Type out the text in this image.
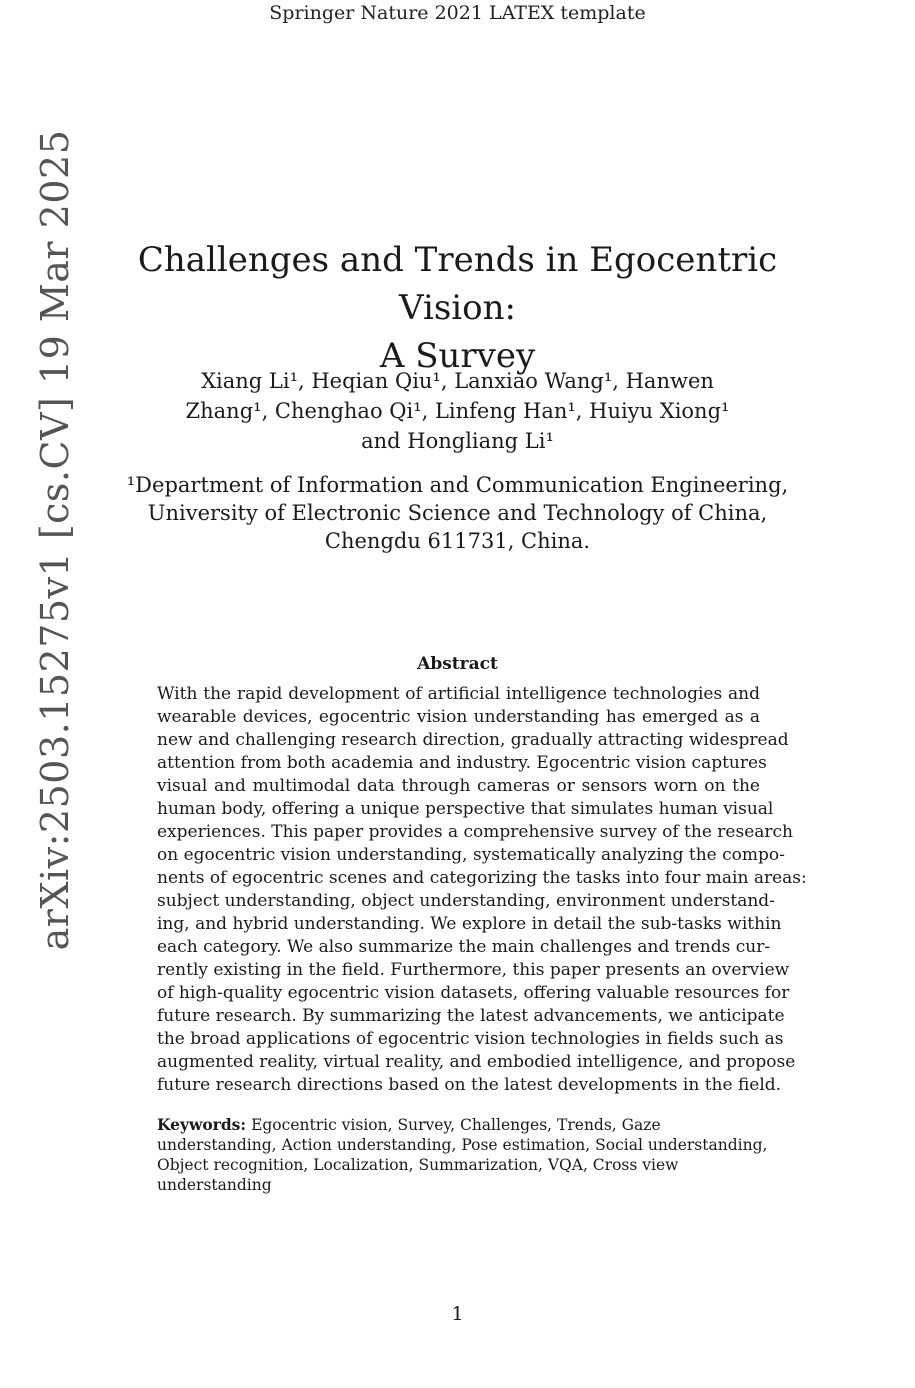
Springer Nature 2021 LATEX template
arXiv:2503.15275v1 [cs.CV] 19 Mar 2025	Challenges and Trends in Egocentric Vision:
A Survey
Xiang Li¹, Heqian Qiu¹, Lanxiao Wang¹, Hanwen
Zhang¹, Chenghao Qi¹, Linfeng Han¹, Huiyu Xiong¹
and Hongliang Li¹
¹Department of Information and Communication Engineering,
University of Electronic Science and Technology of China,
Chengdu 611731, China.
Abstract
With the rapid development of artificial intelligence technologies and
wearable devices, egocentric vision understanding has emerged as a
new and challenging research direction, gradually attracting widespread
attention from both academia and industry. Egocentric vision captures
visual and multimodal data through cameras or sensors worn on the
human body, offering a unique perspective that simulates human visual
experiences. This paper provides a comprehensive survey of the research
on egocentric vision understanding, systematically analyzing the compo-
nents of egocentric scenes and categorizing the tasks into four main areas:
subject understanding, object understanding, environment understand-
ing, and hybrid understanding. We explore in detail the sub-tasks within
each category. We also summarize the main challenges and trends cur-
rently existing in the field. Furthermore, this paper presents an overview
of high-quality egocentric vision datasets, offering valuable resources for
future research. By summarizing the latest advancements, we anticipate
the broad applications of egocentric vision technologies in fields such as
augmented reality, virtual reality, and embodied intelligence, and propose
future research directions based on the latest developments in the field.
Keywords: Egocentric vision, Survey, Challenges, Trends, Gaze
understanding, Action understanding, Pose estimation, Social understanding,
Object recognition, Localization, Summarization, VQA, Cross view
understanding
1
